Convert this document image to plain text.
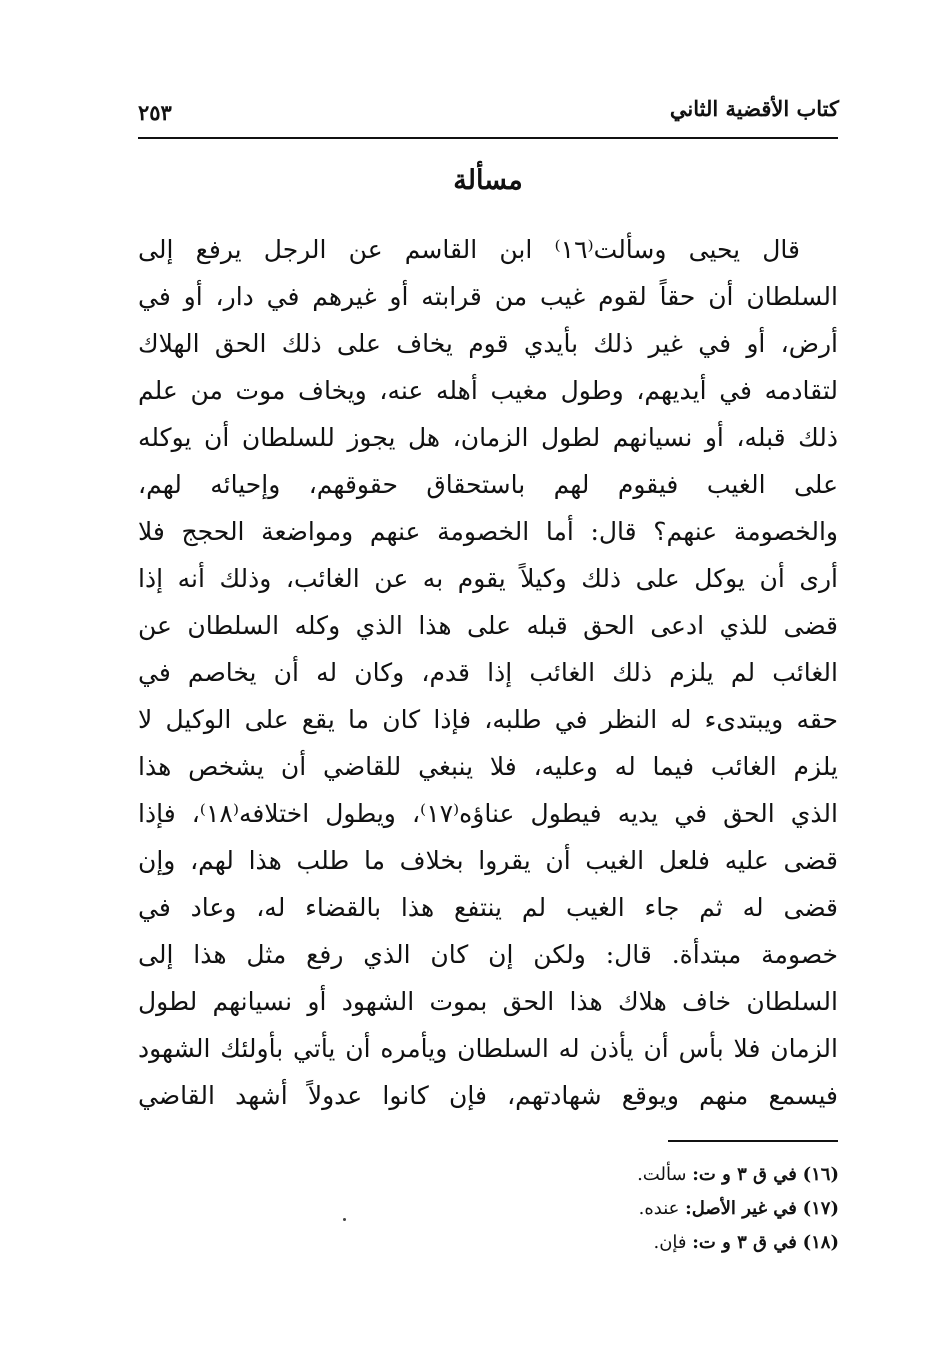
كتاب الأقضية الثاني
٢٥٣
مسألة
قال يحيى وسألت⁽١٦⁾ ابن القاسم عن الرجل يرفع إلى
السلطان أن حقاً لقوم غيب من قرابته أو غيرهم في دار، أو في
أرض، أو في غير ذلك بأيدي قوم يخاف على ذلك الحق الهلاك
لتقادمه في أيديهم، وطول مغيب أهله عنه، ويخاف موت من علم
ذلك قبله، أو نسيانهم لطول الزمان، هل يجوز للسلطان أن يوكله
على الغيب فيقوم لهم باستحقاق حقوقهم، وإحيائه لهم،
والخصومة عنهم؟ قال: أما الخصومة عنهم ومواضعة الحجج فلا
أرى أن يوكل على ذلك وكيلاً يقوم به عن الغائب، وذلك أنه إذا
قضى للذي ادعى الحق قبله على هذا الذي وكله السلطان عن
الغائب لم يلزم ذلك الغائب إذا قدم، وكان له أن يخاصم في
حقه ويبتدىء له النظر في طلبه، فإذا كان ما يقع على الوكيل لا
يلزم الغائب فيما له وعليه، فلا ينبغي للقاضي أن يشخص هذا
الذي الحق في يديه فيطول عناؤه⁽١٧⁾، ويطول اختلافه⁽١٨⁾، فإذا
قضى عليه فلعل الغيب أن يقروا بخلاف ما طلب هذا لهم، وإن
قضى له ثم جاء الغيب لم ينتفع هذا بالقضاء له، وعاد في
خصومة مبتدأة. قال: ولكن إن كان الذي رفع مثل هذا إلى
السلطان خاف هلاك هذا الحق بموت الشهود أو نسيانهم لطول
الزمان فلا بأس أن يأذن له السلطان ويأمره أن يأتي بأولئك الشهود
فيسمع منهم ويوقع شهادتهم، فإن كانوا عدولاً أشهد القاضي
(١٦) في ق ٣ و ت: سألت.
(١٧) في غير الأصل: عنده.
(١٨) في ق ٣ و ت: فإن.
